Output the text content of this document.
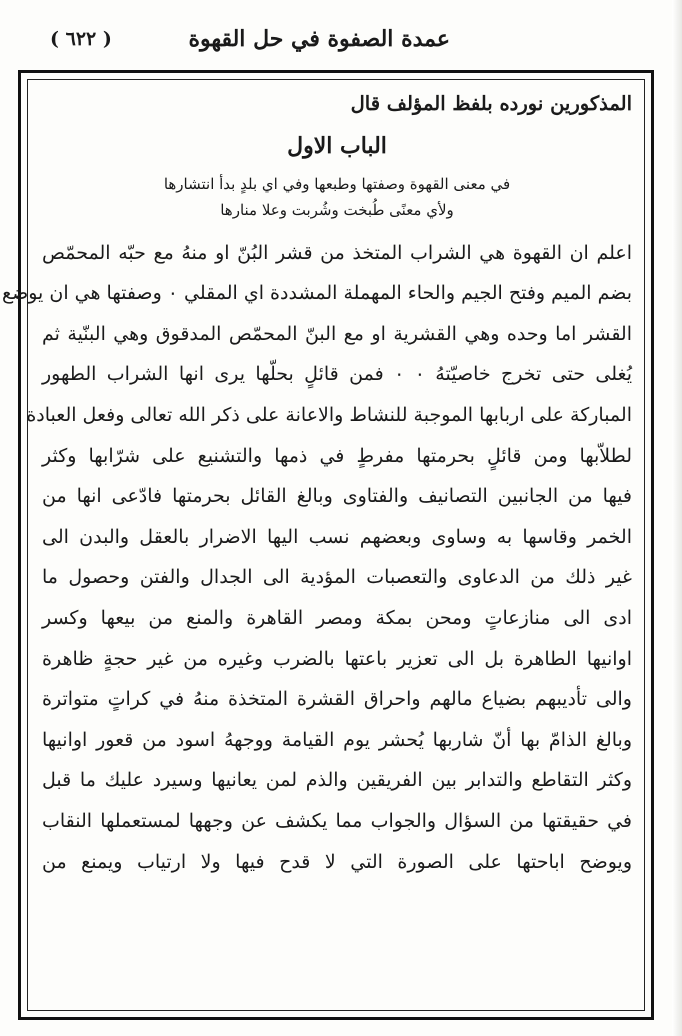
عمدة الصفوة في حل القهوة
( ٦٢٢ )
المذكورين نورده بلفظ المؤلف قال
الباب الاول
في معنى القهوة وصفتها وطبعها وفي اي بلدٍ بدأ انتشارها
ولأي معنًى طُبخت وشُربت وعلا منارها
اعلم ان القهوة هي الشراب المتخذ من قشر البُنّ او منهُ مع حبّه المحمّص
بضم الميم وفتح الجيم والحاء المهملة المشددة اي المقلي ۰ وصفتها هي ان يوضع
القشر اما وحده وهي القشرية او مع البنّ المحمّص المدقوق وهي البنّية ثم
يُغلى حتى تخرج خاصيّتهُ ۰ ۰ فمن قائلٍ بحلّها يرى انها الشراب الطهور
المباركة على اربابها الموجبة للنشاط والاعانة على ذكر الله تعالى وفعل العبادة
لطلاّبها ومن قائلٍ بحرمتها مفرطٍ في ذمها والتشنيع على شرّابها وكثر
فيها من الجانبين التصانيف والفتاوى وبالغ القائل بحرمتها فادّعى انها من
الخمر وقاسها به وساوى وبعضهم نسب اليها الاضرار بالعقل والبدن الى
غير ذلك من الدعاوى والتعصبات المؤدية الى الجدال والفتن وحصول ما
ادى الى منازعاتٍ ومحن بمكة ومصر القاهرة والمنع من بيعها وكسر
اوانيها الطاهرة بل الى تعزير باعتها بالضرب وغيره من غير حجةٍ ظاهرة
والى تأديبهم بضياع مالهم واحراق القشرة المتخذة منهُ في كراتٍ متواترة
وبالغ الذامّ بها أنّ شاربها يُحشر يوم القيامة ووجههُ اسود من قعور اوانيها
وكثر التقاطع والتدابر بين الفريقين والذم لمن يعانيها وسيرد عليك ما قبل
في حقيقتها من السؤال والجواب مما يكشف عن وجهها لمستعملها النقاب
ويوضح اباحتها على الصورة التي لا قدح فيها ولا ارتياب ويمنع من
